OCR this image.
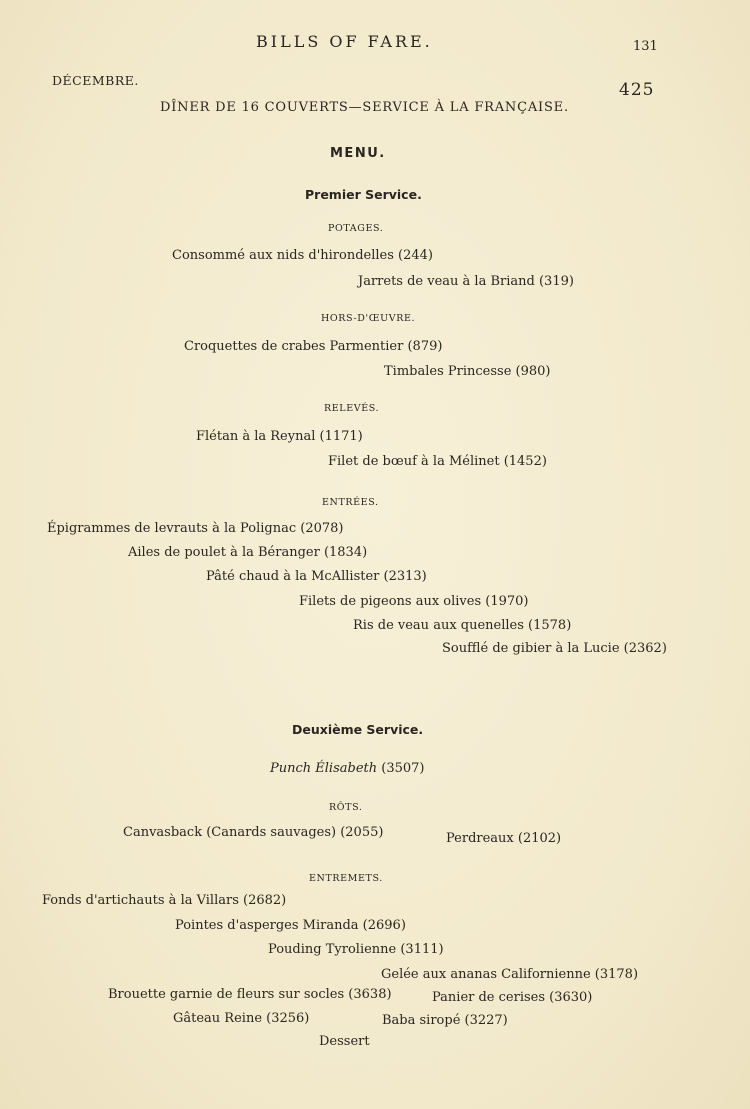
BILLS OF FARE.	131
DÉCEMBRE.	425
DÎNER DE 16 COUVERTS—SERVICE À LA FRANÇAISE.
MENU.
Premier Service.
POTAGES.
Consommé aux nids d'hirondelles (244)
Jarrets de veau à la Briand (319)
HORS-D'ŒUVRE.
Croquettes de crabes Parmentier (879)
Timbales Princesse (980)
RELEVÉS.
Flétan à la Reynal (1171)
Filet de bœuf à la Mélinet (1452)
ENTRÉES.
Épigrammes de levrauts à la Polignac (2078)
Ailes de poulet à la Béranger (1834)
Pâté chaud à la McAllister (2313)
Filets de pigeons aux olives (1970)
Ris de veau aux quenelles (1578)
Soufflé de gibier à la Lucie (2362)
Deuxième Service.
Punch Élisabeth (3507)
RÔTS.
Canvasback (Canards sauvages) (2055)	Perdreaux (2102)
ENTREMETS.
Fonds d'artichauts à la Villars (2682)
Pointes d'asperges Miranda (2696)
Pouding Tyrolienne (3111)
Gelée aux ananas Californienne (3178)
Brouette garnie de fleurs sur socles (3638)	Panier de cerises (3630)
Gâteau Reine (3256)	Baba siropé (3227)
Dessert
